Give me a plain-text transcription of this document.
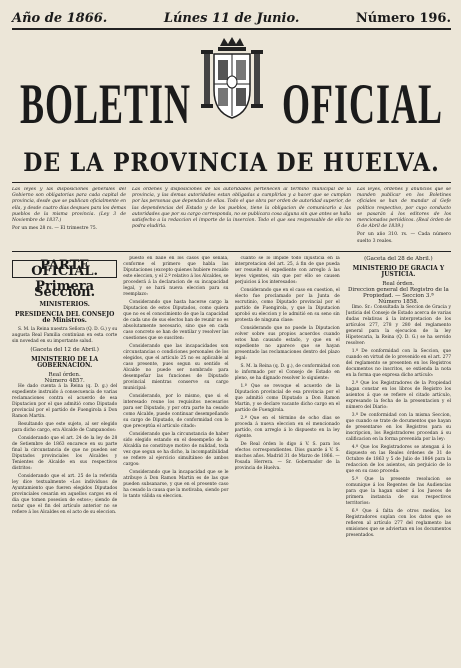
Año de 1866.	Lúnes 11 de Junio.	Número 196.
BOLETIN	OFICIAL
DE LA PROVINCIA DE HUELVA.
Las leyes y las disposiciones generales del Gobierno son obligatorias para cada capital de provincia, desde que se publican oficialmente en ella, y desde cuatro dias despues para los demas pueblos de la misma provincia. (Ley 3 de Noviembre de 1837.)
Por un mes 28 rs. — El trimestre 75.
Las ordenes y disposiciones de las autoridades pertenecen al termino municipal de la provincia, y las demas autoridades estan obligadas a cumplirlas y a hacer que se cumplan por las personas que dependan de ellas. Todo el que obra por orden de autoridad superior, de las dependencias del Estado y de los pueblos, tiene la obligacion de comunicarlo a las autoridades que por su cargo corresponda, no se publicara cosa alguna sin que antes se halla satisfecho a la redaccion el importe de la insercion. Todo el que sea responsable de ello no podra eludirla.
Las leyes, órdenes y anuncios que se manden publicar en los Boletines oficiales se han de mandar al Gefe político respectivo, por cuyo conducto se pasarán á los editores de los mencionados periódicos. (Real órden de 6 de Abril de 1839.)
Por un año 310. rs. — Cada número suelto 3 reales.
PARTE OFICIAL.
Primera Seccion.
MINISTERIOS.
PRESIDENCIA DEL CONSEJO de Ministros.

S. M. la Reina nuestra Señora (Q. D. G.) y su augusta Real Familia continúan en esta corte sin novedad en su importante salud.

(Gaceta del 12 de Abril.)
MINISTERIO DE LA GOBERNACION.
Real órden.
Número 4857.

He dado cuenta á la Reina (q. D. g.) del expediente instruido á consecuencia de varias reclamaciones contra el acuerdo de esa Diputacion por el que admitió como Diputado provincial por el partido de Fuengirola á Don Ramon Martin.

Resultando que este sujeto, al ser elegido para dicho cargo, era Alcalde de Campanodos:

Considerando que el art. 24 de la ley de 28 de Setiembre de 1863 encarece en su parte final la circunstancia de que no pueden ser Diputados provinciales los Alcaldes y Tenientes de Alcalde en sus respectivos distritos:

Considerando que el art. 25 de la referida ley dice textualmente «Los individuos de Ayuntamiento que fueren elegidos Diputados provinciales cesarán en aquellos cargos en el dia que tomen posesion de estos»; siendo de notar que el fin del artículo anterior no se refiere á los Alcaldes en el acto de su eleccion.

puesto en baile en los casos que señala, conforme el primero que habla las Diputaciones (excepto quienes hubiere recaido este eleccion, y el 2.º relativo á los Alcaldes, se procederá á la declaracion de su incapacidad legal, y se hará nueva eleccion para su reemplazo:

Considerando que hasta hacerse cargo la Diputacion de estos Diputados, como quiera que no es el conocimiento de que la capacidad de cada uno de sus electos han de reunir no es absolutamente necesario, sino que en cada caso concreto se han de ventilar y resolver las cuestiones que se susciten:

Considerando que las incapacidades son circunstancias o condiciones personales de los elegidos, que el artículo 25 no es aplicable al caso presente, pues segun su sentido el Alcalde no puede ser nombrado para desempeñar las funciones de Diputado provincial mientras conserve su cargo municipal:

Considerando, por lo mismo, que si el interesado reune los requisitos necesarios para ser Diputado, y por otra parte ha cesado como Alcalde, puede continuar desempeñando su cargo de Diputado, de conformidad con lo que preceptúa el artículo citado:

Considerando que la circunstancia de haber sido elegido estando en el desempeño de la Alcaldía no constituye motivo de nulidad, toda vez que segun se ha dicho, la incompatibilidad se refiere al ejercicio simultáneo de ambos cargos:

Considerando que la incapacidad que se le atribuye á Don Ramon Martin es de las que pueden subsanarse, y que en el presente caso ha cesado la causa que la motivaba, siendo por lo tanto válida su eleccion.

cuanto se lo impide todo injusticia en la interpretacion del art. 25, á fin de que pueda ser resuelto el expediente con arreglo á las leyes vigentes, sin que por ello se causen perjuicios á los interesados:

Considerando que en el caso en cuestion, el electo fue proclamado por la Junta de escrutinio, como Diputado provincial por el partido de Fuengirola, y que la Diputacion aprobó su eleccion y le admitió en su seno sin protesta de ninguna clase:

Considerando que no puede la Diputacion volver sobre sus propios acuerdos cuando estos han causado estado, y que en el expediente no aparece que se hayan presentado las reclamaciones dentro del plazo legal:

S. M. la Reina (q. D. g.), de conformidad con lo informado por el Consejo de Estado en pleno, se ha dignado resolver lo siguiente:

1.º Que se revoque el acuerdo de la Diputacion provincial de esa provincia por el que admitió como Diputado a Don Ramon Martin, y se declare vacante dicho cargo en el partido de Fuengirola.

2.º Que en el término de ocho dias se proceda á nueva eleccion en el mencionado partido, con arreglo á lo dispuesto en la ley vigente.

De Real órden lo digo á V. S. para los efectos correspondientes. Dios guarde á V. S. muchos años. Madrid 31 de Marzo de 1866. — Posada Herrera. — Sr. Gobernador de la provincia de Huelva.

(Gaceta del 28 de Abril.)
MINISTERIO DE GRACIA Y JUSTICIA.
Real órden.
Direccion general del Registro de la Propiedad. — Seccion 3.ª
Número 1858.

Ilmo. Sr.: Consultada la Seccion de Gracia y Justicia del Consejo de Estado acerca de varias dudas relativas á la interpretacion de los artículos 277, 278 y 280 del reglamento general para la ejecucion de la ley Hipotecaria, la Reina (Q. D. G.) se ha servido resolver:

1.º De conformidad con la Seccion, que cuando en virtud de lo prevenido en el art. 277 del reglamento se presenten en los Registros documentos no inscritos, se extienda la nota en la forma que expresa dicho artículo:

2.º Que los Registradores de la Propiedad hagan constar en los libros de Registro los asientos á que se refiere el citado artículo, expresando la fecha de la presentacion y el número del Diario:

3.º De conformidad con la misma Seccion, que cuando se trate de documentos que hayan de presentarse en los Registros para su inscripcion, los Registradores procedan á su calificacion en la forma prevenida por la ley:

4.º Que los Registradores se atengan á lo dispuesto en las Reales órdenes de 31 de Octubre de 1863 y 5 de Julio de 1864 para la redaccion de los asientos, sin perjuicio de lo que en su caso proceda:

5.º Que la presente resolucion se comunique á los Regentes de las Audiencias para que la hagan saber á los Jueces de primera instancia de sus respectivos territorios:

6.º Que á falta de otros medios, los Registradores suplan con los datos que se refieren al artículo 277 del reglamento las omisiones que se adviertan en los documentos presentados.
